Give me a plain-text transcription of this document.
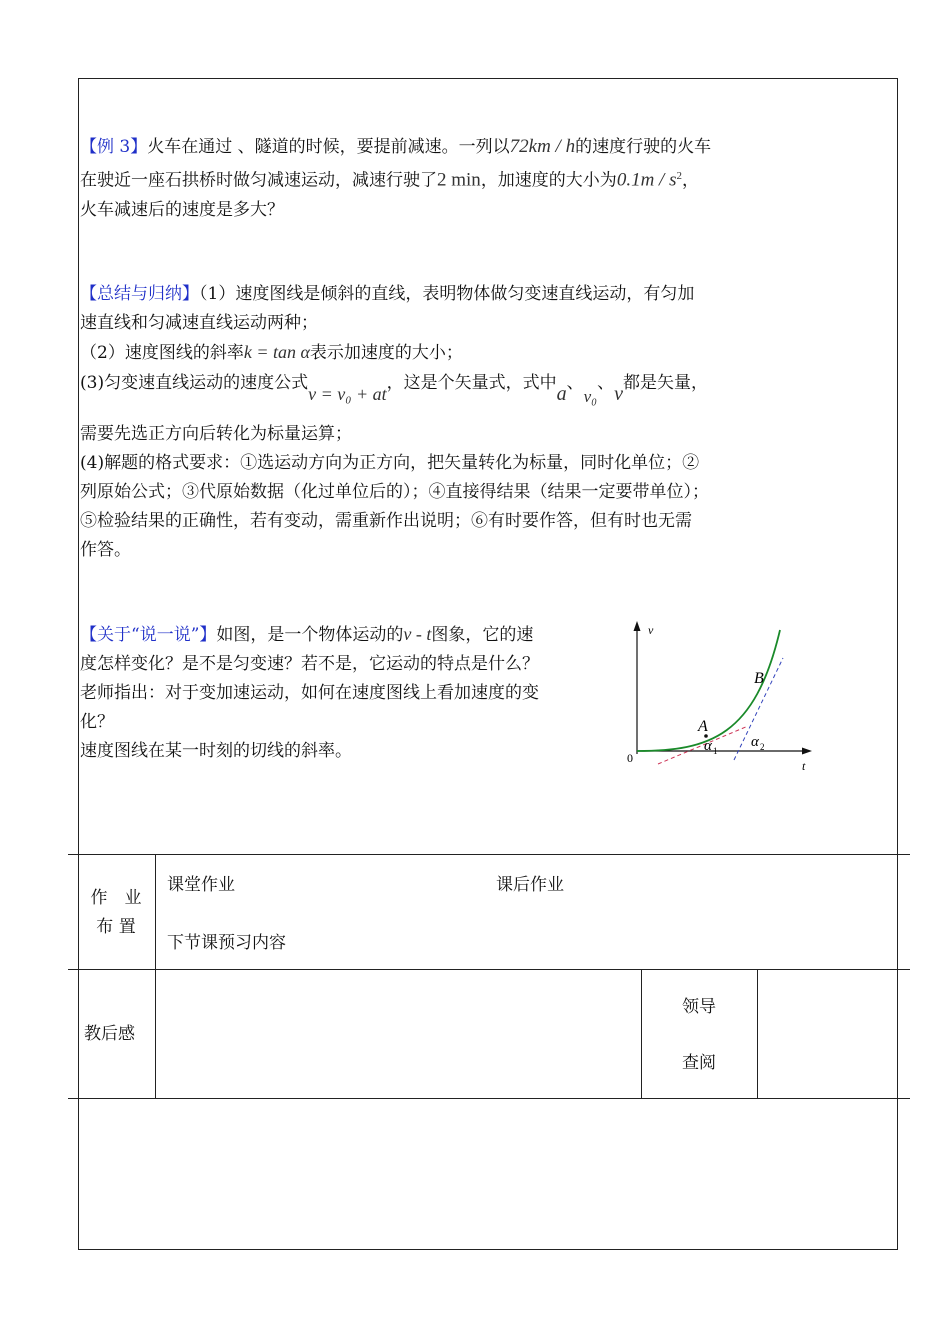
【例 3】火车在通过 、隧道的时候，要提前减速。一列以72km / h的速度行驶的火车
在驶近一座石拱桥时做匀减速运动，减速行驶了2 min，加速度的大小为$0.1m / s^2$，
火车减速后的速度是多大？
【总结与归纳】（1）速度图线是倾斜的直线，表明物体做匀变速直线运动，有匀加
速直线和匀减速直线运动两种；
（2）速度图线的斜率k = tan α表示加速度的大小；
(3)匀变速直线运动的速度公式v = v₀ + at，这是个矢量式，式中a、v₀、v都是矢量，
需要先选正方向后转化为标量运算；
(4)解题的格式要求：①选运动方向为正方向，把矢量转化为标量，同时化单位；②
列原始公式；③代原始数据（化过单位后的）；④直接得结果（结果一定要带单位）；
⑤检验结果的正确性，若有变动，需重新作出说明；⑥有时要作答，但有时也无需
作答。
【关于“说一说”】如图，是一个物体运动的v - t图象，它的速
度怎样变化？是不是匀变速？若不是，它运动的特点是什么？
老师指出：对于变加速运动，如何在速度图线上看加速度的变
化？
速度图线在某一时刻的切线的斜率。
v
t
0
A
B
α 1
α 2
作　业
布 置
课堂作业	课后作业
下节课预习内容
教后感
领导
查阅
